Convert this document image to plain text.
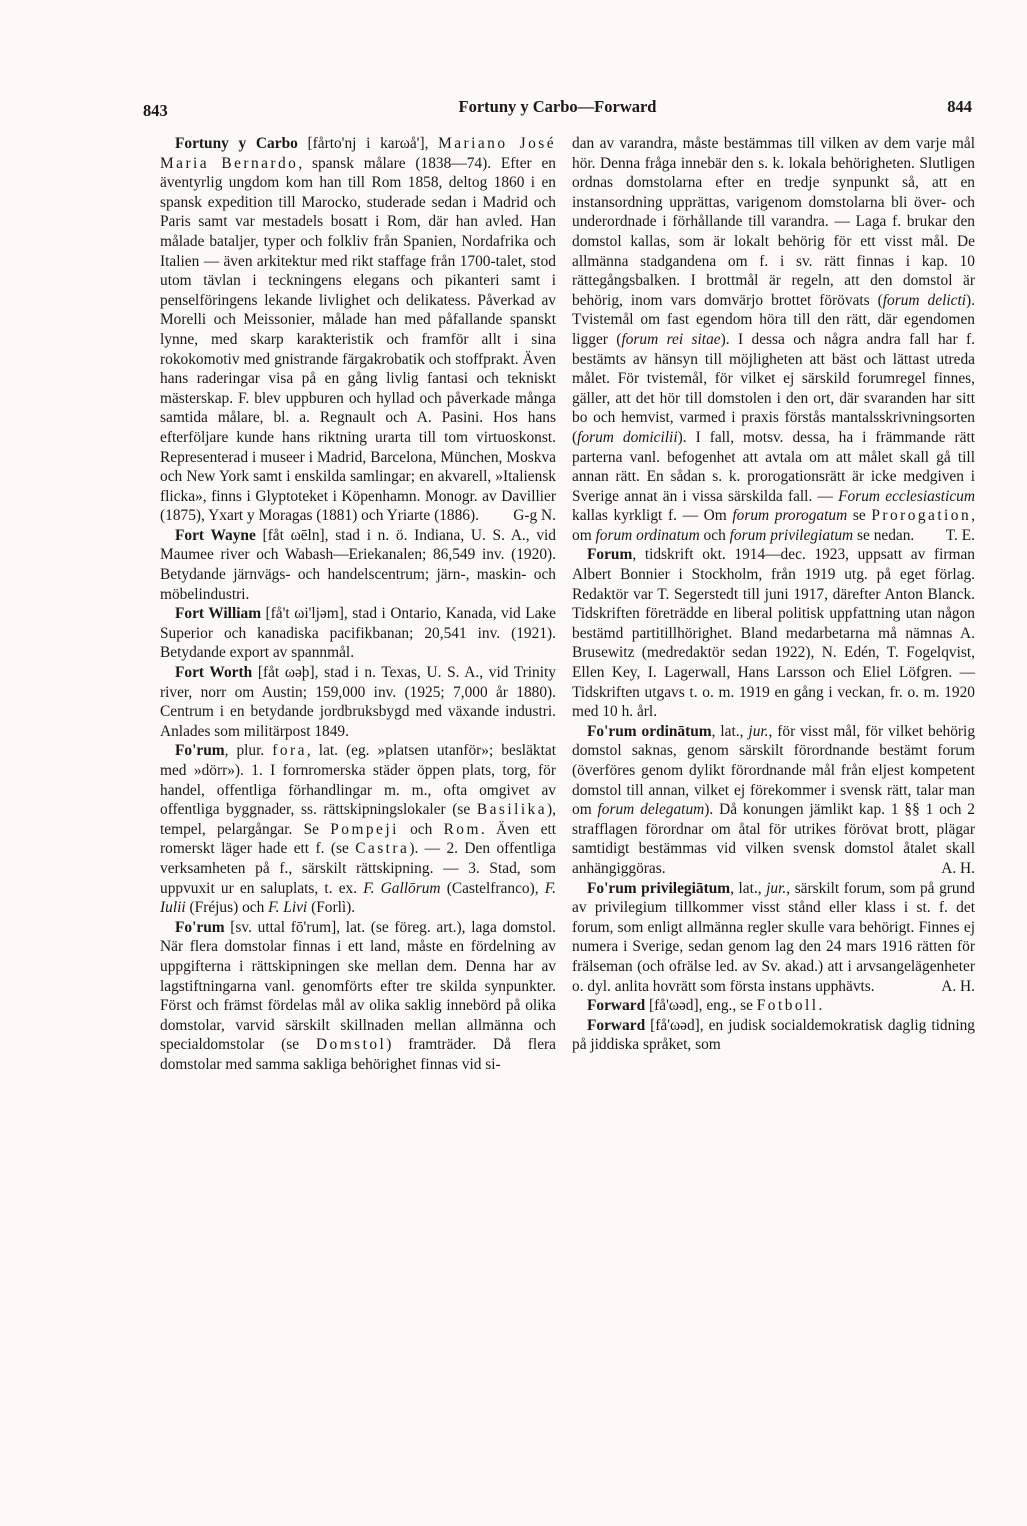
843	Fortuny y Carbo—Forward	844

Fortuny y Carbo [fårto'nj i karωå'], Mariano José Maria Bernardo, spansk målare (1838—74). Efter en äventyrlig ungdom kom han till Rom 1858, deltog 1860 i en spansk expedition till Marocko, studerade sedan i Madrid och Paris samt var mestadels bosatt i Rom, där han avled. Han målade bataljer, typer och folkliv från Spanien, Nordafrika och Italien — även arkitektur med rikt staffage från 1700-talet, stod utom tävlan i teckningens elegans och pikanteri samt i penselföringens lekande livlighet och delikatess. Påverkad av Morelli och Meissonier, målade han med påfallande spanskt lynne, med skarp karakteristik och framför allt i sina rokokomotiv med gnistrande färgakrobatik och stoffprakt. Även hans raderingar visa på en gång livlig fantasi och tekniskt mästerskap. F. blev uppburen och hyllad och påverkade många samtida målare, bl. a. Regnault och A. Pasini. Hos hans efterföljare kunde hans riktning urarta till tom virtuoskonst. Representerad i museer i Madrid, Barcelona, München, Moskva och New York samt i enskilda samlingar; en akvarell, »Italiensk flicka», finns i Glyptoteket i Köpenhamn. Monogr. av Davillier (1875), Yxart y Moragas (1881) och Yriarte (1886).	G-g N.

Fort Wayne [fåt ωēln], stad i n. ö. Indiana, U. S. A., vid Maumee river och Wabash—Eriekanalen; 86,549 inv. (1920). Betydande järnvägs- och handelscentrum; järn-, maskin- och möbelindustri.

Fort William [få't ωi'ljəm], stad i Ontario, Kanada, vid Lake Superior och kanadiska pacifikbanan; 20,541 inv. (1921). Betydande export av spannmål.

Fort Worth [fåt ωəþ], stad i n. Texas, U. S. A., vid Trinity river, norr om Austin; 159,000 inv. (1925; 7,000 år 1880). Centrum i en betydande jordbruksbygd med växande industri. Anlades som militärpost 1849.

Fo'rum, plur. fora, lat. (eg. »platsen utanför»; besläktat med »dörr»). 1. I fornromerska städer öppen plats, torg, för handel, offentliga förhandlingar m. m., ofta omgivet av offentliga byggnader, ss. rättskipningslokaler (se Basilika), tempel, pelargångar. Se Pompeji och Rom. Även ett romerskt läger hade ett f. (se Castra). — 2. Den offentliga verksamheten på f., särskilt rättskipning. — 3. Stad, som uppvuxit ur en saluplats, t. ex. F. Gallōrum (Castelfranco), F. Iulii (Fréjus) och F. Livi (Forlì).

Fo'rum [sv. uttal fō'rum], lat. (se föreg. art.), laga domstol. När flera domstolar finnas i ett land, måste en fördelning av uppgifterna i rättskipningen ske mellan dem. Denna har av lagstiftningarna vanl. genomförts efter tre skilda synpunkter. Först och främst fördelas mål av olika saklig innebörd på olika domstolar, varvid särskilt skillnaden mellan allmänna och specialdomstolar (se Domstol) framträder. Då flera domstolar med samma sakliga behörighet finnas vid si-

dan av varandra, måste bestämmas till vilken av dem varje mål hör. Denna fråga innebär den s. k. lokala behörigheten. Slutligen ordnas domstolarna efter en tredje synpunkt så, att en instansordning upprättas, varigenom domstolarna bli över- och underordnade i förhållande till varandra. — Laga f. brukar den domstol kallas, som är lokalt behörig för ett visst mål. De allmänna stadgandena om f. i sv. rätt finnas i kap. 10 rättegångsbalken. I brottmål är regeln, att den domstol är behörig, inom vars domvärjo brottet förövats (forum delicti). Tvistemål om fast egendom höra till den rätt, där egendomen ligger (forum rei sitae). I dessa och några andra fall har f. bestämts av hänsyn till möjligheten att bäst och lättast utreda målet. För tvistemål, för vilket ej särskild forumregel finnes, gäller, att det hör till domstolen i den ort, där svaranden har sitt bo och hemvist, varmed i praxis förstås mantalsskrivningsorten (forum domicilii). I fall, motsv. dessa, ha i främmande rätt parterna vanl. befogenhet att avtala om att målet skall gå till annan rätt. En sådan s. k. prorogationsrätt är icke medgiven i Sverige annat än i vissa särskilda fall. — Forum ecclesiasticum kallas kyrkligt f. — Om forum prorogatum se Prorogation, om forum ordinatum och forum privilegiatum se nedan.	T. E.

Forum, tidskrift okt. 1914—dec. 1923, uppsatt av firman Albert Bonnier i Stockholm, från 1919 utg. på eget förlag. Redaktör var T. Segerstedt till juni 1917, därefter Anton Blanck. Tidskriften företrädde en liberal politisk uppfattning utan någon bestämd partitillhörighet. Bland medarbetarna må nämnas A. Brusewitz (medredaktör sedan 1922), N. Edén, T. Fogelqvist, Ellen Key, I. Lagerwall, Hans Larsson och Eliel Löfgren. — Tidskriften utgavs t. o. m. 1919 en gång i veckan, fr. o. m. 1920 med 10 h. årl.

Fo'rum ordinātum, lat., jur., för visst mål, för vilket behörig domstol saknas, genom särskilt förordnande bestämt forum (överföres genom dylikt förordnande mål från eljest kompetent domstol till annan, vilket ej förekommer i svensk rätt, talar man om forum delegatum). Då konungen jämlikt kap. 1 §§ 1 och 2 strafflagen förordnar om åtal för utrikes förövat brott, plägar samtidigt bestämmas vid vilken svensk domstol åtalet skall anhängiggöras.	A. H.

Fo'rum privilegiātum, lat., jur., särskilt forum, som på grund av privilegium tillkommer visst stånd eller klass i st. f. det forum, som enligt allmänna regler skulle vara behörigt. Finnes ej numera i Sverige, sedan genom lag den 24 mars 1916 rätten för frälseman (och ofrälse led. av Sv. akad.) att i arvsangelägenheter o. dyl. anlita hovrätt som första instans upphävts.	A. H.

Forward [få'ωəd], eng., se Fotboll.

Forward [få'ωəd], en judisk socialdemokratisk daglig tidning på jiddiska språket, som
